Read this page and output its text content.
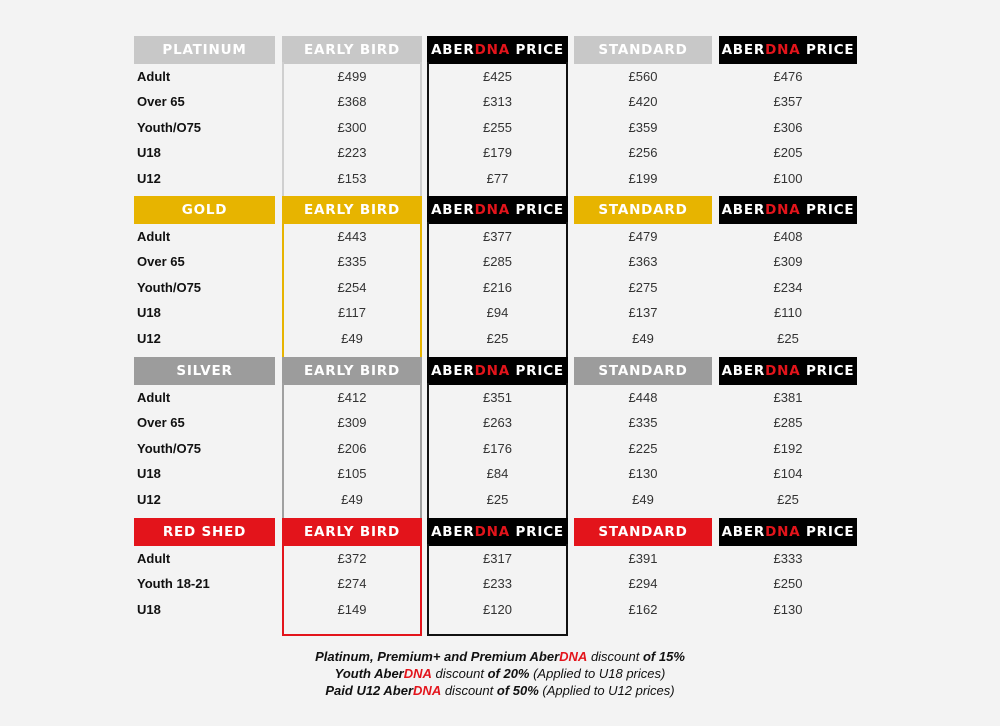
PLATINUM	EARLY BIRD	ABERDNA PRICE	STANDARD	ABERDNA PRICE
Adult	£499	£425	£560	£476
Over 65	£368	£313	£420	£357
Youth/O75	£300	£255	£359	£306
U18	£223	£179	£256	£205
U12	£153	£77	£199	£100
GOLD	EARLY BIRD	ABERDNA PRICE	STANDARD	ABERDNA PRICE
Adult	£443	£377	£479	£408
Over 65	£335	£285	£363	£309
Youth/O75	£254	£216	£275	£234
U18	£117	£94	£137	£110
U12	£49	£25	£49	£25
SILVER	EARLY BIRD	ABERDNA PRICE	STANDARD	ABERDNA PRICE
Adult	£412	£351	£448	£381
Over 65	£309	£263	£335	£285
Youth/O75	£206	£176	£225	£192
U18	£105	£84	£130	£104
U12	£49	£25	£49	£25
RED SHED	EARLY BIRD	ABERDNA PRICE	STANDARD	ABERDNA PRICE
Adult	£372	£317	£391	£333
Youth 18-21	£274	£233	£294	£250
U18	£149	£120	£162	£130
Platinum, Premium+ and Premium AberDNA discount of 15%
Youth AberDNA discount of 20% (Applied to U18 prices)
Paid U12 AberDNA discount of 50% (Applied to U12 prices)
